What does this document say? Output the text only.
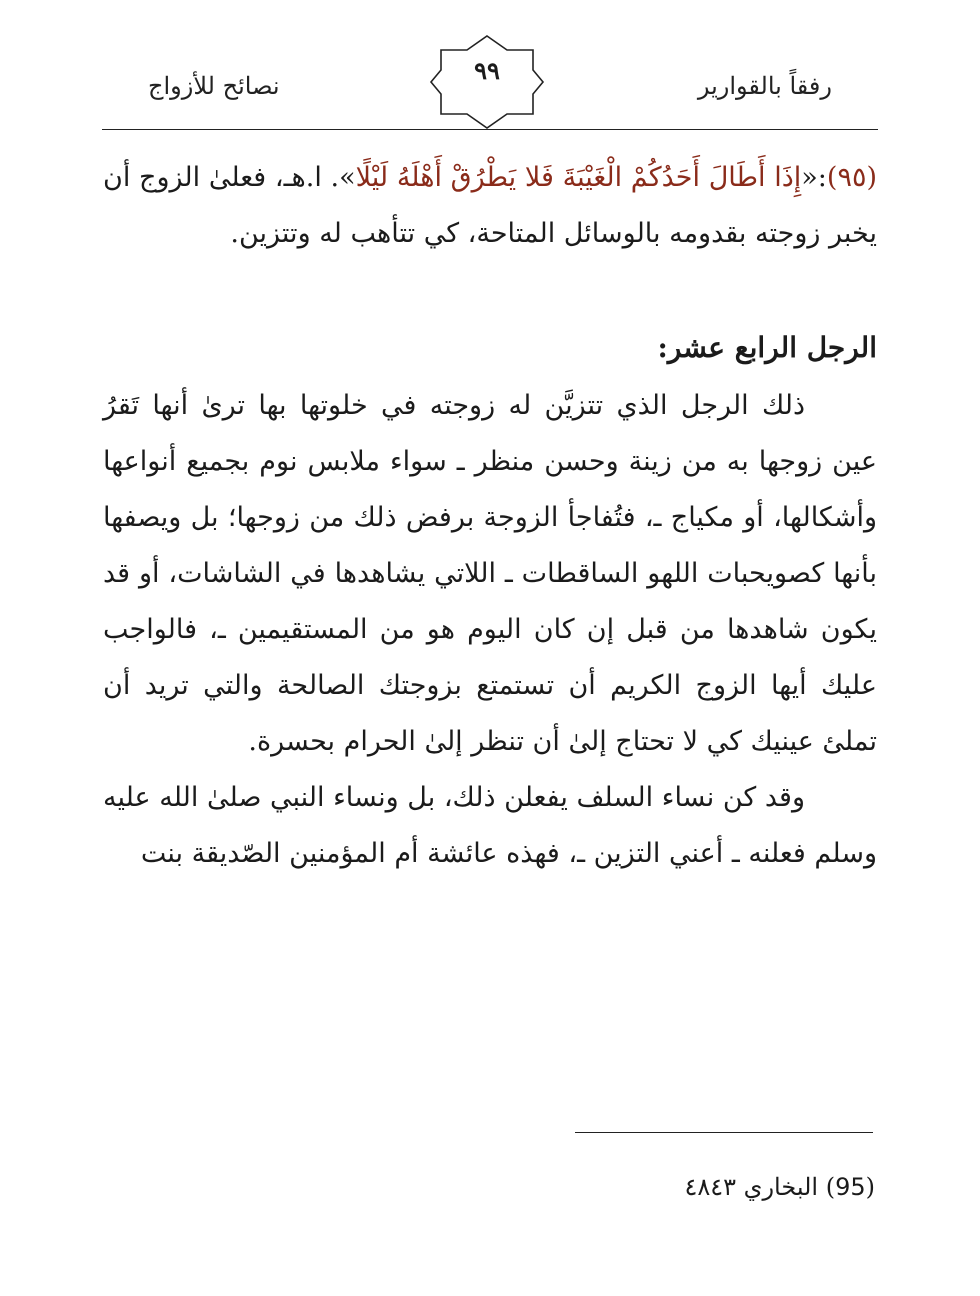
رفقاً بالقوارير
٩٩
نصائح للأزواج

(٩٥):«إِذَا أَطَالَ أَحَدُكُمْ الْغَيْبَةَ فَلا يَطْرُقْ أَهْلَهُ لَيْلًا». ا.هـ، فعلىٰ الزوج أن يخبر زوجته بقدومه بالوسائل المتاحة، كي تتأهب له وتتزين.

الرجل الرابع عشر:

ذلك الرجل الذي تتزيَّن له زوجته في خلوتها بها ترىٰ أنها تَقرُ عين زوجها به من زينة وحسن منظر ـ سواء ملابس نوم بجميع أنواعها وأشكالها، أو مكياج ـ، فتُفاجأ الزوجة برفض ذلك من زوجها؛ بل ويصفها بأنها كصويحبات اللهو الساقطات ـ اللاتي يشاهدها في الشاشات، أو قد يكون شاهدها من قبل إن كان اليوم هو من المستقيمين ـ، فالواجب عليك أيها الزوج الكريم أن تستمتع بزوجتك الصالحة والتي تريد أن تملئ عينيك كي لا تحتاج إلىٰ أن تنظر إلىٰ الحرام بحسرة.

وقد كن نساء السلف يفعلن ذلك، بل ونساء النبي صلىٰ الله عليه وسلم فعلنه ـ أعني التزين ـ، فهذه عائشة أم المؤمنين الصّديقة بنت

(95) البخاري ٤٨٤٣
